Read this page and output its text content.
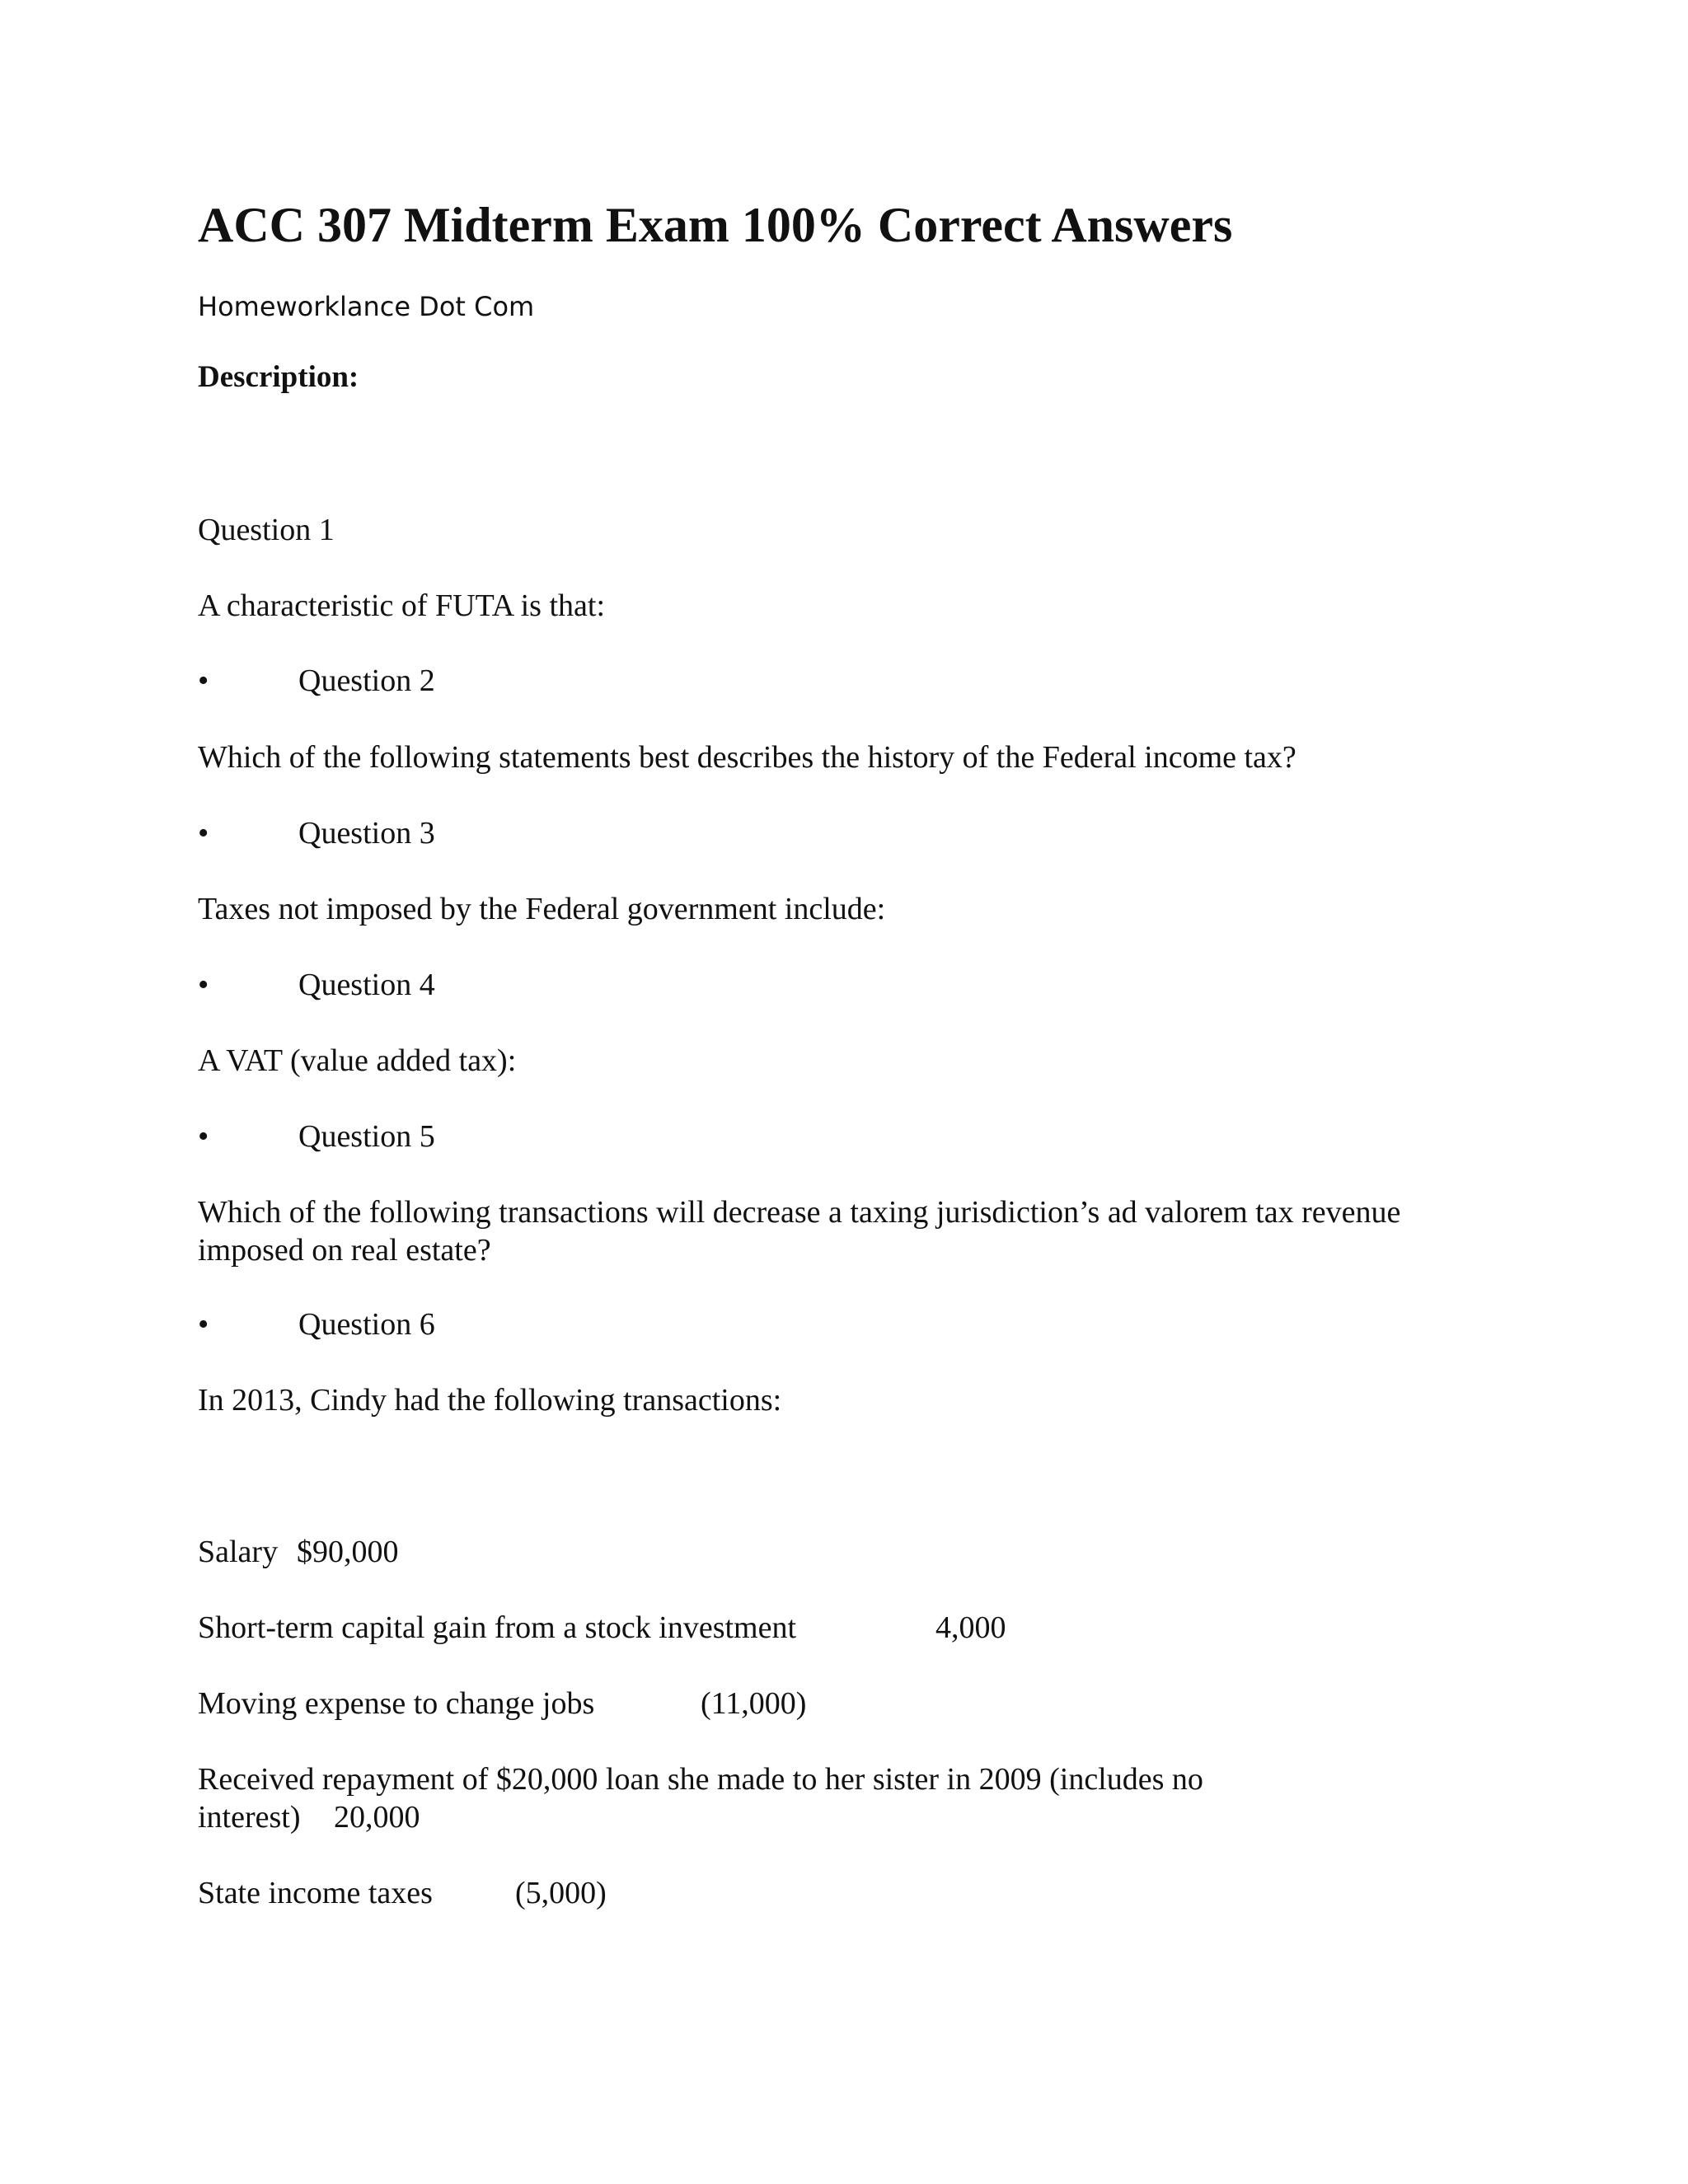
ACC 307 Midterm Exam 100% Correct Answers
Homeworklance Dot Com
Description:
Question 1
A characteristic of FUTA is that:
•	Question 2
Which of the following statements best describes the history of the Federal income tax?
•	Question 3
Taxes not imposed by the Federal government include:
•	Question 4
A VAT (value added tax):
•	Question 5
Which of the following transactions will decrease a taxing jurisdiction’s ad valorem tax revenue imposed on real estate?
•	Question 6
In 2013, Cindy had the following transactions:
Salary $90,000
Short-term capital gain from a stock investment	4,000
Moving expense to change jobs	(11,000)
Received repayment of $20,000 loan she made to her sister in 2009 (includes no
interest) 20,000
State income taxes	(5,000)
